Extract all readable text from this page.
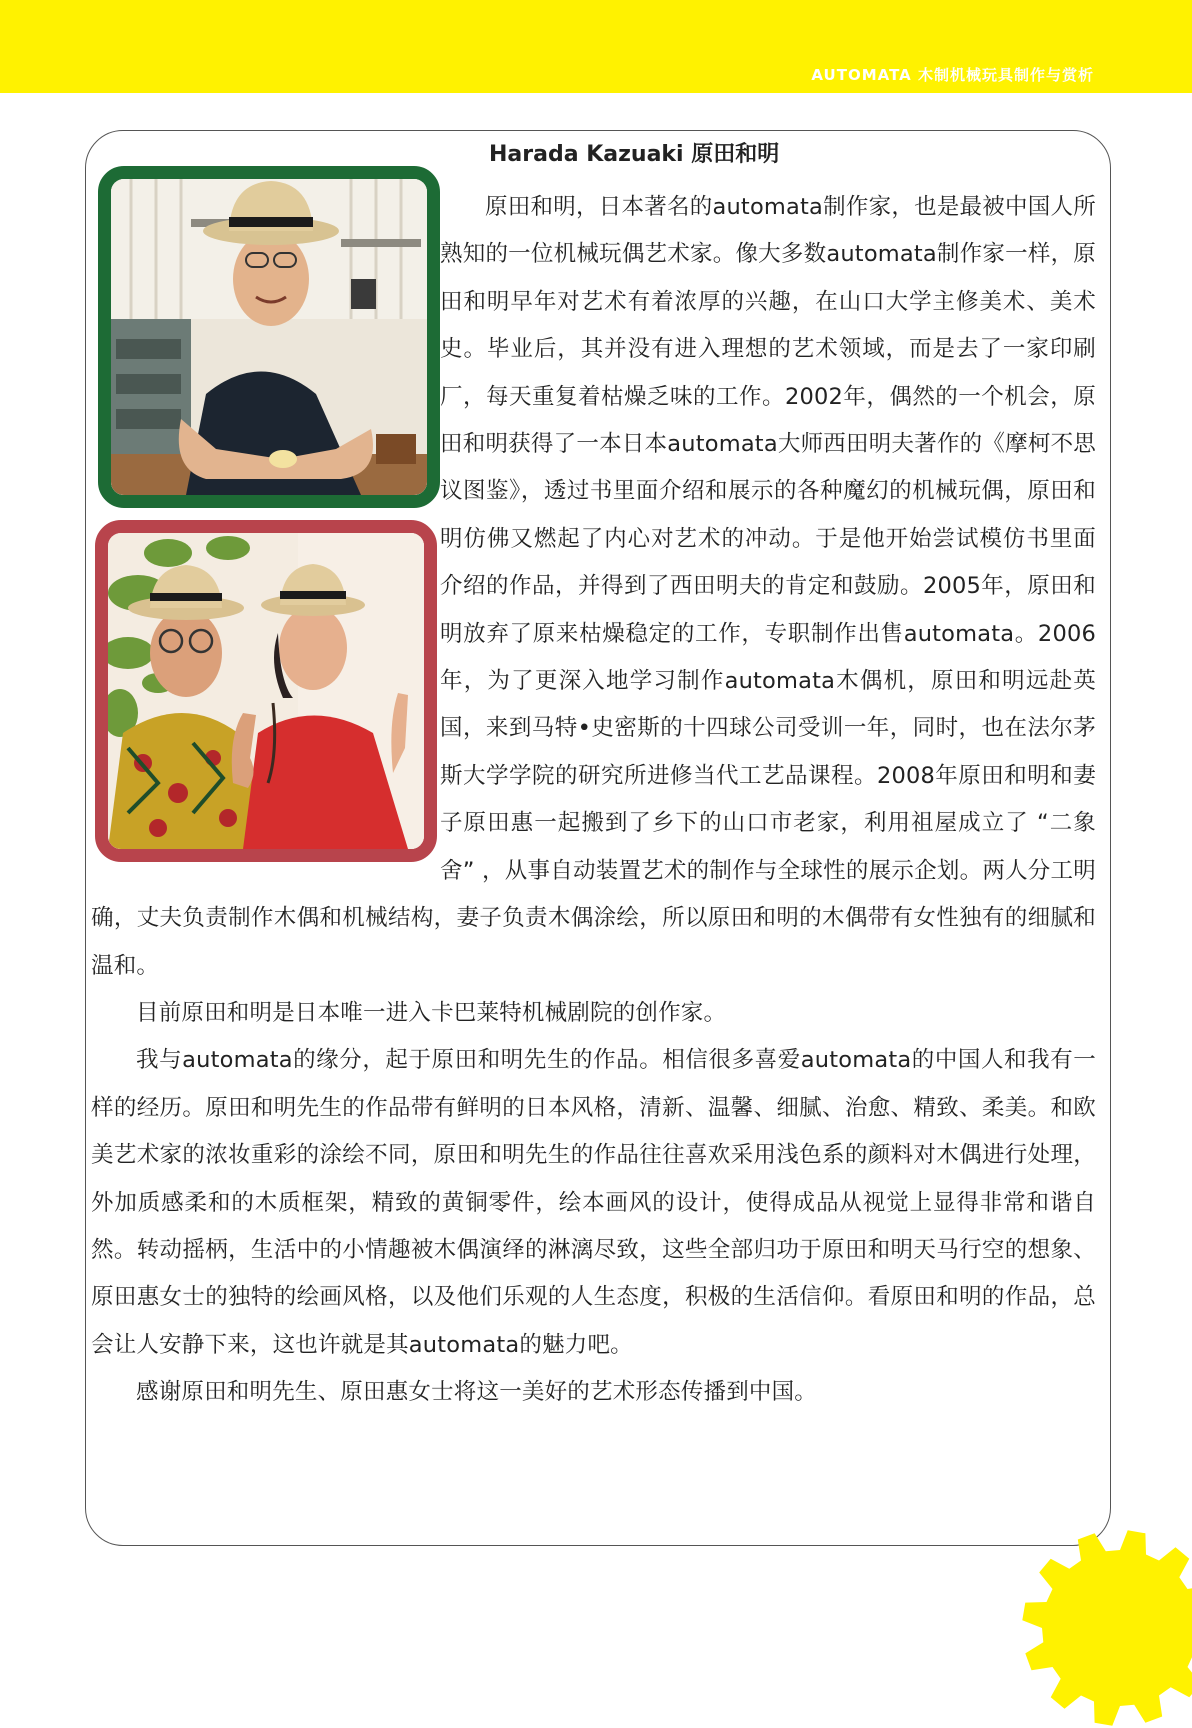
AUTOMATA 木制机械玩具制作与赏析
Harada Kazuaki 原田和明

原田和明，日本著名的automata制作家，也是最被中国人所熟知的一位机械玩偶艺术家。像大多数automata制作家一样，原田和明早年对艺术有着浓厚的兴趣，在山口大学主修美术、美术史。毕业后，其并没有进入理想的艺术领域，而是去了一家印刷厂，每天重复着枯燥乏味的工作。2002年，偶然的一个机会，原田和明获得了一本日本automata大师西田明夫著作的《摩柯不思议图鉴》，透过书里面介绍和展示的各种魔幻的机械玩偶，原田和明仿佛又燃起了内心对艺术的冲动。于是他开始尝试模仿书里面介绍的作品，并得到了西田明夫的肯定和鼓励。2005年，原田和明放弃了原来枯燥稳定的工作，专职制作出售automata。2006年，为了更深入地学习制作automata木偶机，原田和明远赴英国，来到马特•史密斯的十四球公司受训一年，同时，也在法尔茅斯大学学院的研究所进修当代工艺品课程。2008年原田和明和妻子原田惠一起搬到了乡下的山口市老家，利用祖屋成立了 “二象舍” ，从事自动装置艺术的制作与全球性的展示企划。两人分工明确，丈夫负责制作木偶和机械结构，妻子负责木偶涂绘，所以原田和明的木偶带有女性独有的细腻和温和。

目前原田和明是日本唯一进入卡巴莱特机械剧院的创作家。

我与automata的缘分，起于原田和明先生的作品。相信很多喜爱automata的中国人和我有一样的经历。原田和明先生的作品带有鲜明的日本风格，清新、温馨、细腻、治愈、精致、柔美。和欧美艺术家的浓妆重彩的涂绘不同，原田和明先生的作品往往喜欢采用浅色系的颜料对木偶进行处理，外加质感柔和的木质框架，精致的黄铜零件，绘本画风的设计，使得成品从视觉上显得非常和谐自然。转动摇柄，生活中的小情趣被木偶演绎的淋漓尽致，这些全部归功于原田和明天马行空的想象、原田惠女士的独特的绘画风格，以及他们乐观的人生态度，积极的生活信仰。看原田和明的作品，总会让人安静下来，这也许就是其automata的魅力吧。

感谢原田和明先生、原田惠女士将这一美好的艺术形态传播到中国。
